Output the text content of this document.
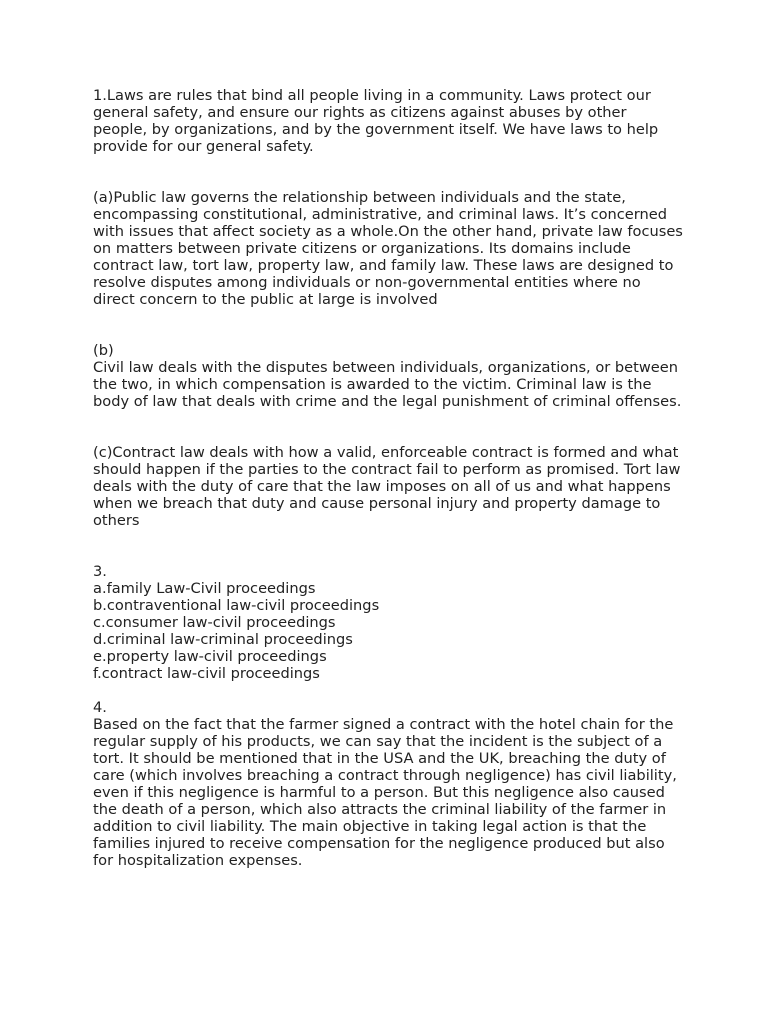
1.Laws are rules that bind all people living in a community. Laws protect our general safety, and ensure our rights as citizens against abuses by other people, by organizations, and by the government itself. We have laws to help provide for our general safety.

(a)Public law governs the relationship between individuals and the state, encompassing constitutional, administrative, and criminal laws. It’s concerned with issues that affect society as a whole.On the other hand, private law focuses on matters between private citizens or organizations. Its domains include contract law, tort law, property law, and family law. These laws are designed to resolve disputes among individuals or non-governmental entities where no direct concern to the public at large is involved

(b)

Civil law deals with the disputes between individuals, organizations, or between the two, in which compensation is awarded to the victim. Criminal law is the body of law that deals with crime and the legal punishment of criminal offenses.

(c)Contract law deals with how a valid, enforceable contract is formed and what should happen if the parties to the contract fail to perform as promised. Tort law deals with the duty of care that the law imposes on all of us and what happens when we breach that duty and cause personal injury and property damage to others

3.

a.family Law-Civil proceedings

b.contraventional law-civil proceedings

c.consumer law-civil proceedings

d.criminal law-criminal proceedings

e.property law-civil proceedings

f.contract law-civil proceedings

4.

Based on the fact that the farmer signed a contract with the hotel chain for the regular supply of his products, we can say that the incident is the subject of a tort. It should be mentioned that in the USA and the UK, breaching the duty of care (which involves breaching a contract through negligence) has civil liability, even if this negligence is harmful to a person. But this negligence also caused the death of a person, which also attracts the criminal liability of the farmer in addition to civil liability. The main objective in taking legal action is that the families injured to receive compensation for the negligence produced but also for hospitalization expenses.
